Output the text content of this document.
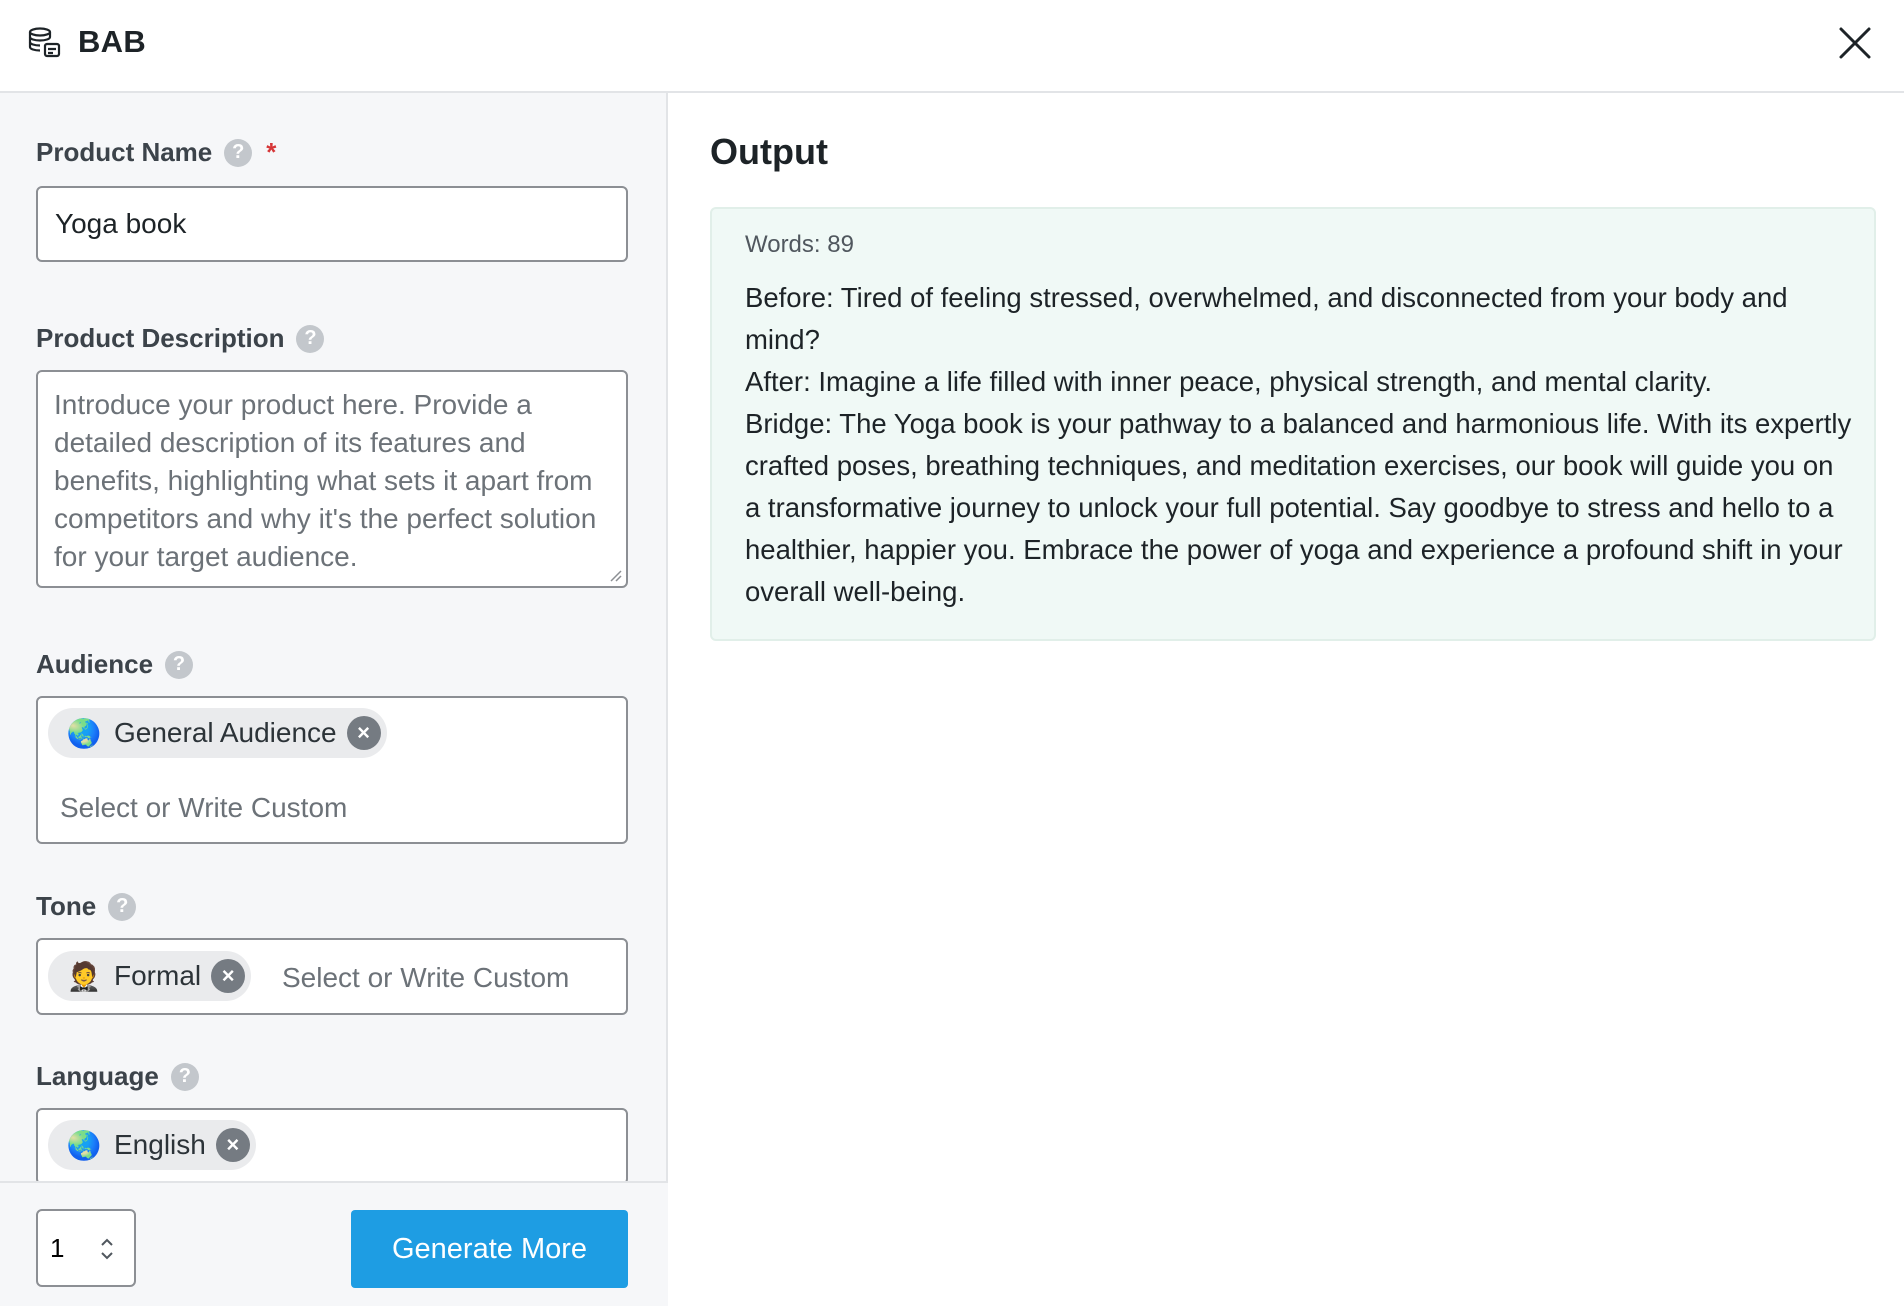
BAB
Product Name ? *
Yoga book
Product Description ?
Introduce your product here. Provide a detailed description of its features and benefits, highlighting what sets it apart from competitors and why it's the perfect solution for your target audience.
Audience ?
🌏 General Audience ×
Select or Write Custom
Tone ?
🤵 Formal ×	Select or Write Custom
Language ?
🌏 English ×
1
Generate More
Output
Words: 89

Before: Tired of feeling stressed, overwhelmed, and disconnected from your body and mind?

After: Imagine a life filled with inner peace, physical strength, and mental clarity.

Bridge: The Yoga book is your pathway to a balanced and harmonious life. With its expertly crafted poses, breathing techniques, and meditation exercises, our book will guide you on a transformative journey to unlock your full potential. Say goodbye to stress and hello to a healthier, happier you. Embrace the power of yoga and experience a profound shift in your overall well-being.
